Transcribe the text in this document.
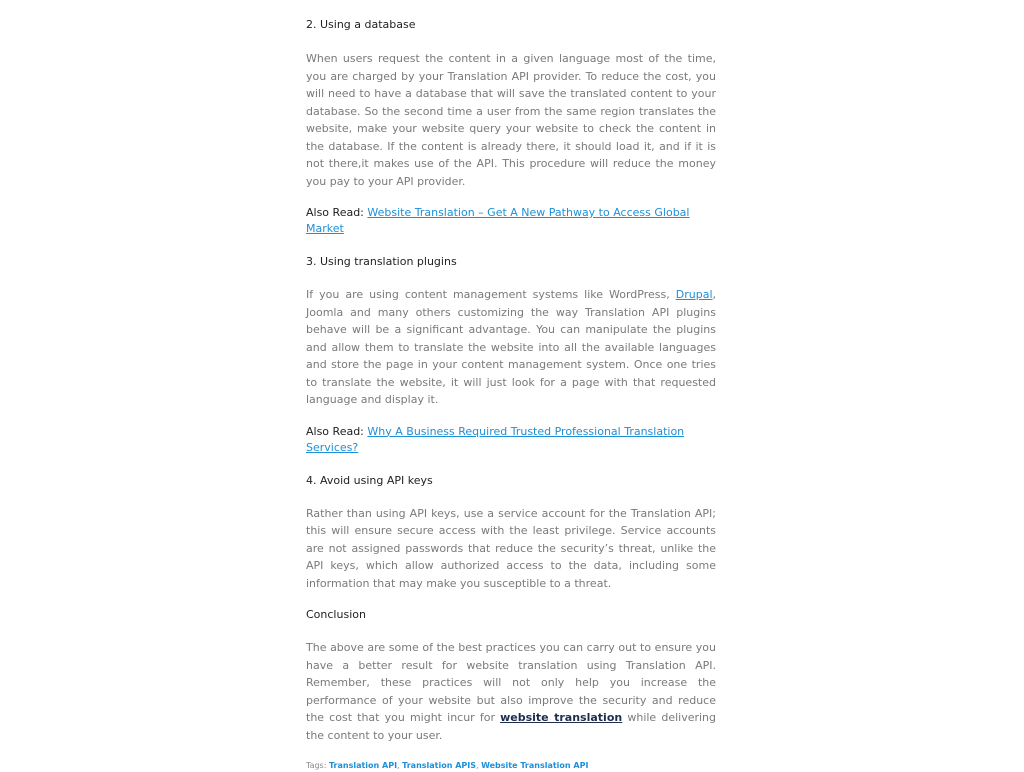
2. Using a database

When users request the content in a given language most of the time, you are charged by your Translation API provider. To reduce the cost, you will need to have a database that will save the translated content to your database. So the second time a user from the same region translates the website, make your website query your website to check the content in the database. If the content is already there, it should load it, and if it is not there,it makes use of the API. This procedure will reduce the money you pay to your API provider.

Also Read: Website Translation – Get A New Pathway to Access Global Market

3. Using translation plugins

If you are using content management systems like WordPress, Drupal, Joomla and many others customizing the way Translation API plugins behave will be a significant advantage. You can manipulate the plugins and allow them to translate the website into all the available languages and store the page in your content management system. Once one tries to translate the website, it will just look for a page with that requested language and display it.

Also Read: Why A Business Required Trusted Professional Translation Services?

4. Avoid using API keys

Rather than using API keys, use a service account for the Translation API; this will ensure secure access with the least privilege. Service accounts are not assigned passwords that reduce the security’s threat, unlike the API keys, which allow authorized access to the data, including some information that may make you susceptible to a threat.

Conclusion

The above are some of the best practices you can carry out to ensure you have a better result for website translation using Translation API. Remember, these practices will not only help you increase the performance of your website but also improve the security and reduce the cost that you might incur for website translation while delivering the content to your user.

Tags: Translation API, Translation APIS, Website Translation API
